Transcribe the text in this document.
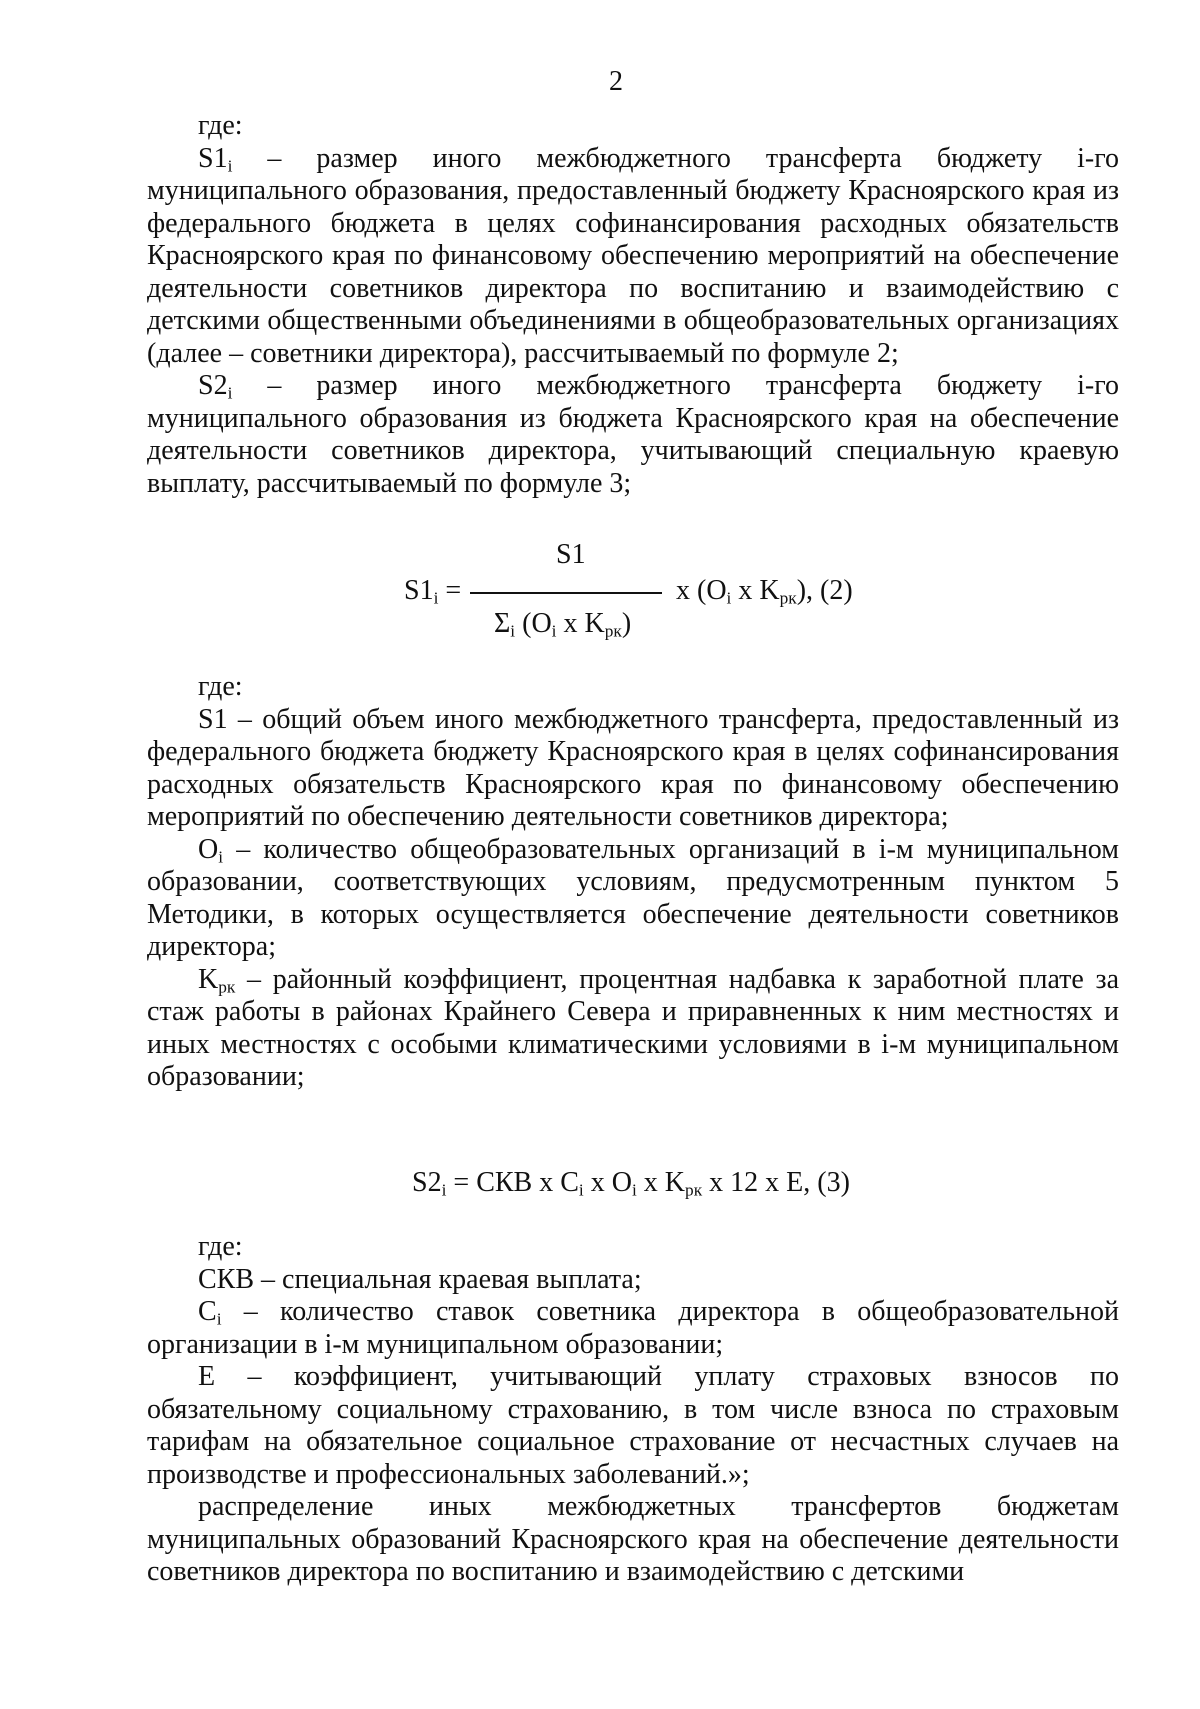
2

где:

$S1_i$ – размер иного межбюджетного трансферта бюджету i-го муниципального образования, предоставленный бюджету Красноярского края из федерального бюджета в целях софинансирования расходных обязательств Красноярского края по финансовому обеспечению мероприятий на обеспечение деятельности советников директора по воспитанию и взаимодействию с детскими общественными объединениями в общеобразовательных организациях (далее – советники директора), рассчитываемый по формуле 2;

$S2_i$ – размер иного межбюджетного трансферта бюджету i-го муниципального образования из бюджета Красноярского края на обеспечение деятельности советников директора, учитывающий специальную краевую выплату, рассчитываемый по формуле 3;

$S1_i$ =
S1
$\Sigma_i$ ($O_i$ x $K_{рк}$)
x ($O_i$ x $K_{рк}$), (2)

где:

S1 – общий объем иного межбюджетного трансферта, предоставленный из федерального бюджета бюджету Красноярского края в целях софинансирования расходных обязательств Красноярского края по финансовому обеспечению мероприятий по обеспечению деятельности советников директора;

$O_i$ – количество общеобразовательных организаций в i-м муниципальном образовании, соответствующих условиям, предусмотренным пунктом 5 Методики, в которых осуществляется обеспечение деятельности советников директора;

$K_{рк}$ – районный коэффициент, процентная надбавка к заработной плате за стаж работы в районах Крайнего Севера и приравненных к ним местностях и иных местностях с особыми климатическими условиями в i-м муниципальном образовании;

$S2_i$ = СКВ x $C_i$ x $O_i$ x $K_{рк}$ x 12 x E, (3)

где:

СКВ – специальная краевая выплата;

$C_i$ – количество ставок советника директора в общеобразовательной организации в i-м муниципальном образовании;

E – коэффициент, учитывающий уплату страховых взносов по обязательному социальному страхованию, в том числе взноса по страховым тарифам на обязательное социальное страхование от несчастных случаев на производстве и профессиональных заболеваний.»;

распределение иных межбюджетных трансфертов бюджетам муниципальных образований Красноярского края на обеспечение деятельности советников директора по воспитанию и взаимодействию с детскими
